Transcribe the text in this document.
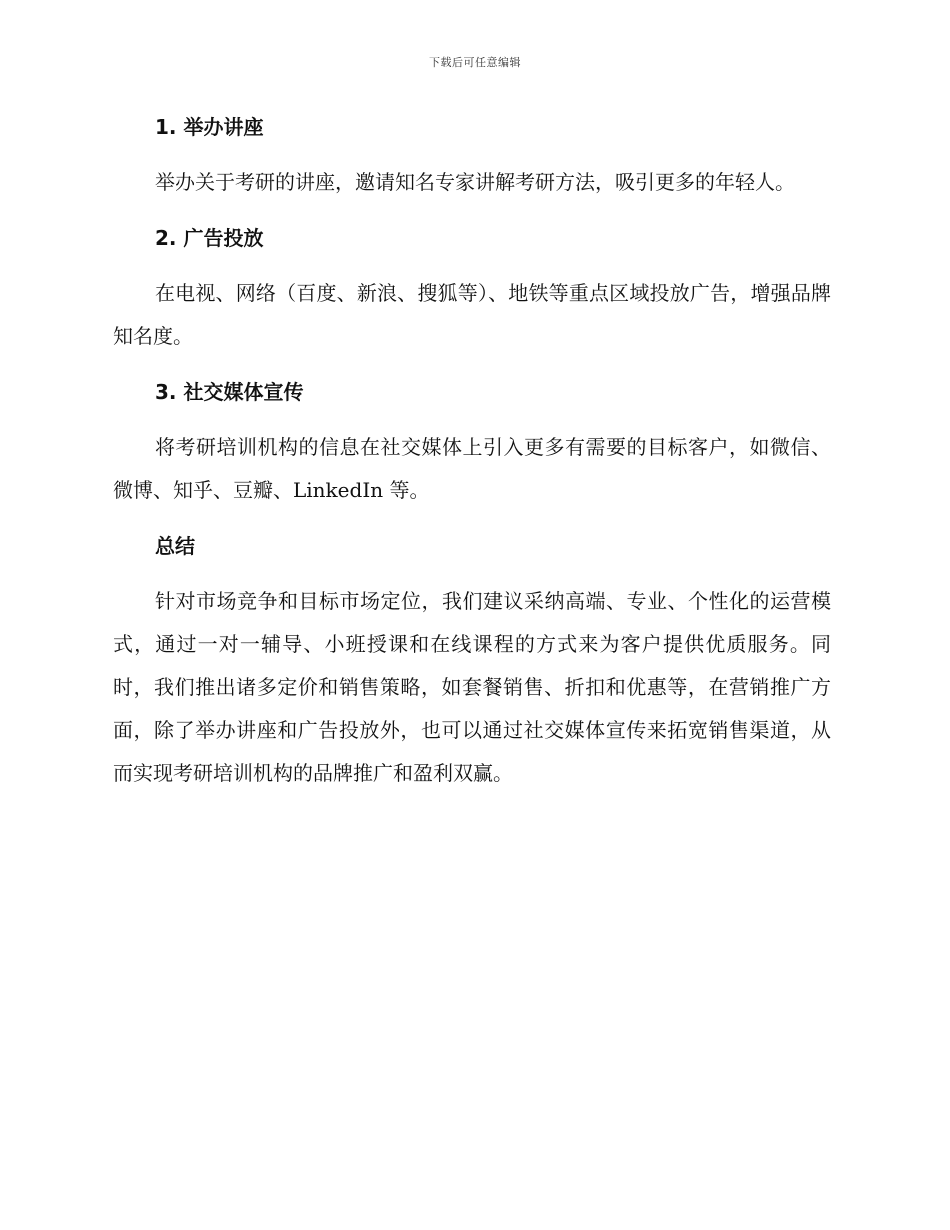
下载后可任意编辑
1. 举办讲座

举办关于考研的讲座，邀请知名专家讲解考研方法，吸引更多的年轻人。

2. 广告投放

在电视、网络（百度、新浪、搜狐等）、地铁等重点区域投放广告，增强品牌知名度。

3. 社交媒体宣传

将考研培训机构的信息在社交媒体上引入更多有需要的目标客户，如微信、微博、知乎、豆瓣、LinkedIn 等。

总结

针对市场竞争和目标市场定位，我们建议采纳高端、专业、个性化的运营模式，通过一对一辅导、小班授课和在线课程的方式来为客户提供优质服务。同时，我们推出诸多定价和销售策略，如套餐销售、折扣和优惠等，在营销推广方面，除了举办讲座和广告投放外，也可以通过社交媒体宣传来拓宽销售渠道，从而实现考研培训机构的品牌推广和盈利双赢。
